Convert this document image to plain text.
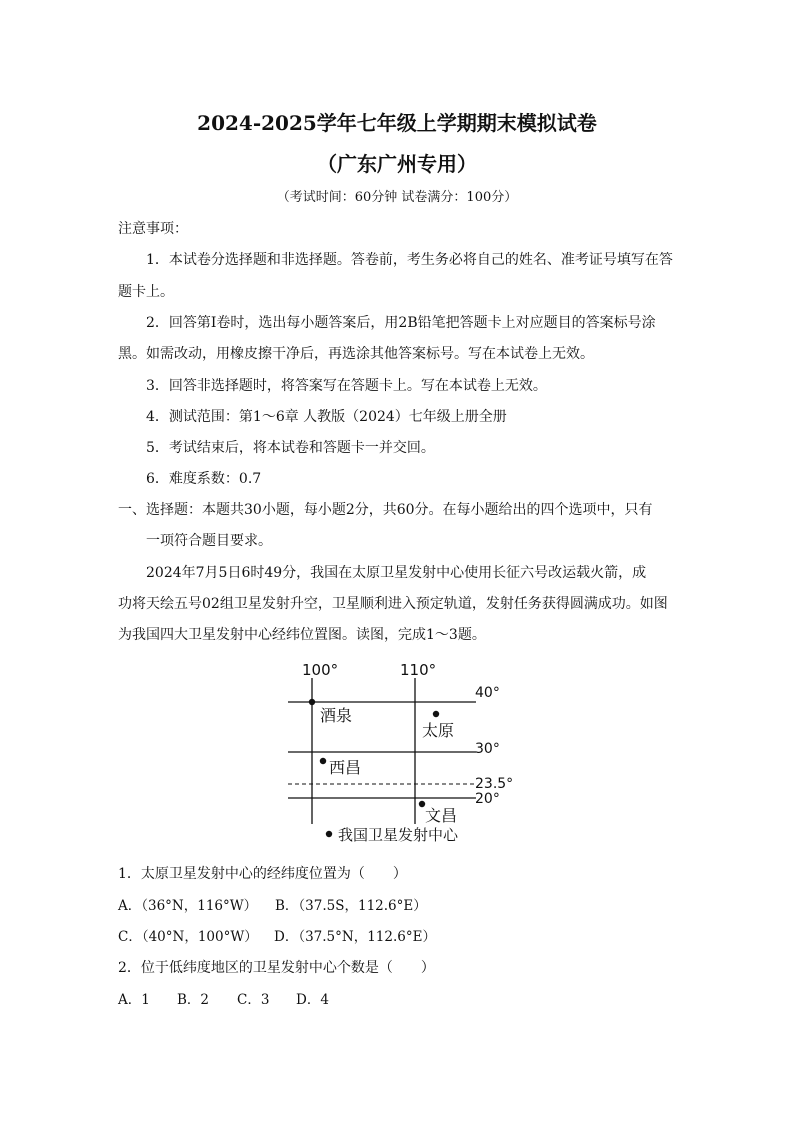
2024-2025学年七年级上学期期末模拟试卷
（广东广州专用）
（考试时间：60分钟 试卷满分：100分）
注意事项：
1．本试卷分选择题和非选择题。答卷前，考生务必将自己的姓名、准考证号填写在答
题卡上。
2．回答第Ⅰ卷时，选出每小题答案后，用2B铅笔把答题卡上对应题目的答案标号涂
黑。如需改动，用橡皮擦干净后，再选涂其他答案标号。写在本试卷上无效。
3．回答非选择题时，将答案写在答题卡上。写在本试卷上无效。
4．测试范围：第1～6章 人教版（2024）七年级上册全册
5．考试结束后，将本试卷和答题卡一并交回。
6．难度系数：0.7
一、选择题：本题共30小题，每小题2分，共60分。在每小题给出的四个选项中，只有
一项符合题目要求。
2024年7月5日6时49分，我国在太原卫星发射中心使用长征六号改运载火箭，成
功将天绘五号02组卫星发射升空，卫星顺利进入预定轨道，发射任务获得圆满成功。如图
为我国四大卫星发射中心经纬位置图。读图，完成1～3题。
100°	110°
40°
30°
23.5°
20°
酒泉
太原
西昌
文昌
我国卫星发射中心
1．太原卫星发射中心的经纬度位置为（　　）
A．（36°N，116°W） B．（37.5S，112.6°E）
C．（40°N，100°W） D．（37.5°N，112.6°E）
2．位于低纬度地区的卫星发射中心个数是（　　）
A．1 B．2 C．3 D．4
